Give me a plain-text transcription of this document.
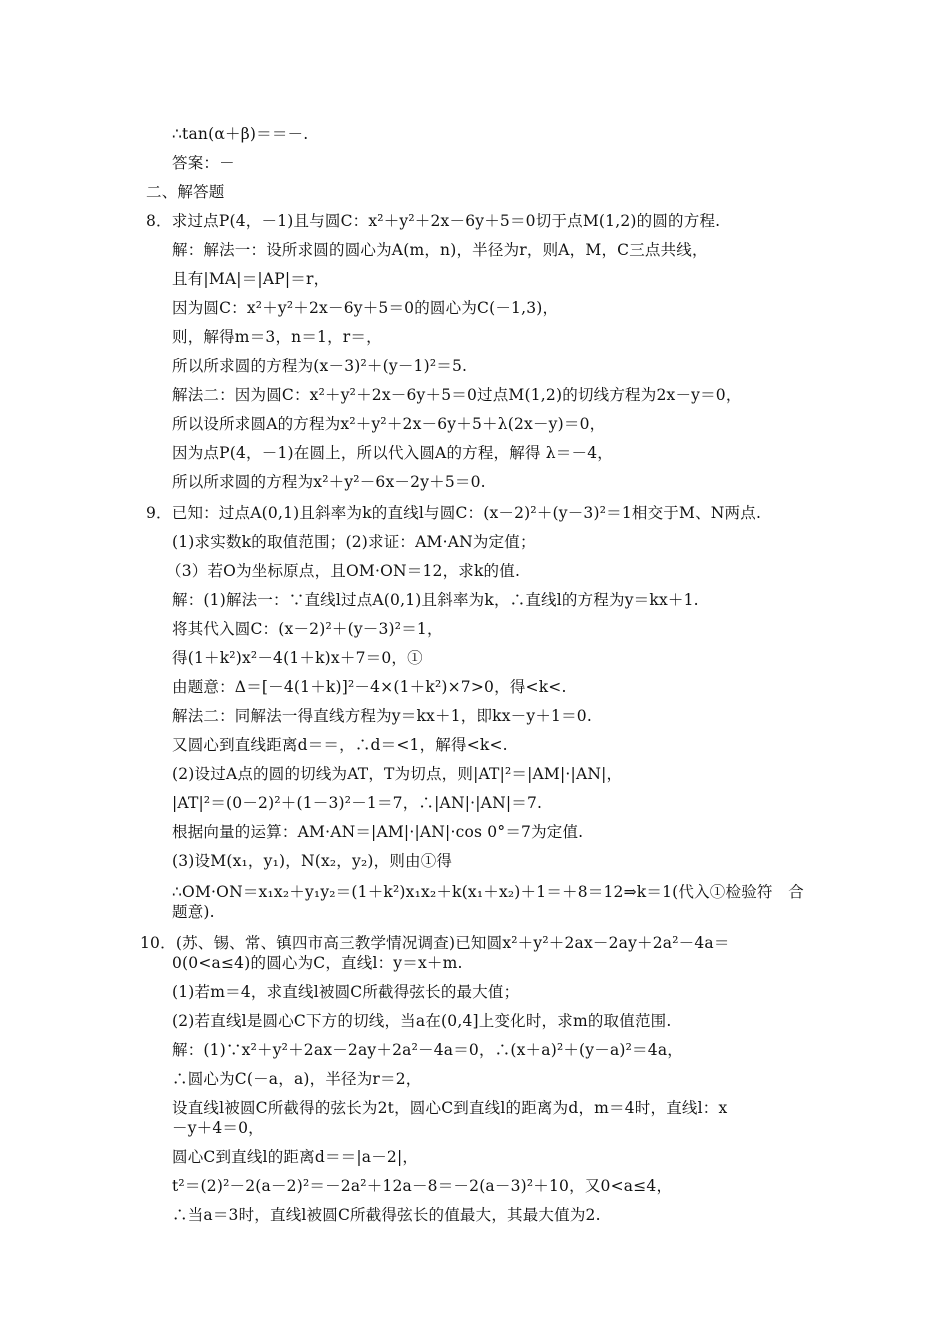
∴tan(α＋β)＝＝－.
答案：－
二、解答题
8．求过点P(4，－1)且与圆C：x²＋y²＋2x－6y＋5＝0切于点M(1,2)的圆的方程.
解：解法一：设所求圆的圆心为A(m，n)，半径为r，则A，M，C三点共线，
且有|MA|＝|AP|＝r，
因为圆C：x²＋y²＋2x－6y＋5＝0的圆心为C(－1,3)，
则，解得m＝3，n＝1，r＝，
所以所求圆的方程为(x－3)²＋(y－1)²＝5.
解法二：因为圆C：x²＋y²＋2x－6y＋5＝0过点M(1,2)的切线方程为2x－y＝0，
所以设所求圆A的方程为x²＋y²＋2x－6y＋5＋λ(2x－y)＝0，
因为点P(4，－1)在圆上，所以代入圆A的方程，解得 λ＝－4，
所以所求圆的方程为x²＋y²－6x－2y＋5＝0.
9．已知：过点A(0,1)且斜率为k的直线l与圆C：(x－2)²＋(y－3)²＝1相交于M、N两点.
(1)求实数k的取值范围；(2)求证：AM·AN为定值；
（3）若O为坐标原点，且OM·ON＝12，求k的值.
解：(1)解法一：∵直线l过点A(0,1)且斜率为k，∴直线l的方程为y＝kx＋1.
将其代入圆C：(x－2)²＋(y－3)²＝1，
得(1＋k²)x²－4(1＋k)x＋7＝0，①
由题意：Δ＝[－4(1＋k)]²－4×(1＋k²)×7>0，得<k<.
解法二：同解法一得直线方程为y＝kx＋1，即kx－y＋1＝0.
又圆心到直线距离d＝＝，∴d＝<1，解得<k<.
(2)设过A点的圆的切线为AT，T为切点，则|AT|²＝|AM|·|AN|，
|AT|²＝(0－2)²＋(1－3)²－1＝7，∴|AN|·|AN|＝7.
根据向量的运算：AM·AN＝|AM|·|AN|·cos 0°＝7为定值.
(3)设M(x₁，y₁)，N(x₂，y₂)，则由①得
∴OM·ON＝x₁x₂＋y₁y₂＝(1＋k²)x₁x₂＋k(x₁＋x₂)＋1＝＋8＝12⇒k＝1(代入①检验符　合
题意).
10．(苏、锡、常、镇四市高三教学情况调查)已知圆x²＋y²＋2ax－2ay＋2a²－4a＝
0(0<a≤4)的圆心为C，直线l：y＝x＋m.
(1)若m＝4，求直线l被圆C所截得弦长的最大值；
(2)若直线l是圆心C下方的切线，当a在(0,4]上变化时，求m的取值范围.
解：(1)∵x²＋y²＋2ax－2ay＋2a²－4a＝0，∴(x＋a)²＋(y－a)²＝4a，
∴圆心为C(－a，a)，半径为r＝2，
设直线l被圆C所截得的弦长为2t，圆心C到直线l的距离为d，m＝4时，直线l：x
－y＋4＝0，
圆心C到直线l的距离d＝＝|a－2|，
t²＝(2)²－2(a－2)²＝－2a²＋12a－8＝－2(a－3)²＋10，又0<a≤4，
∴当a＝3时，直线l被圆C所截得弦长的值最大，其最大值为2.
